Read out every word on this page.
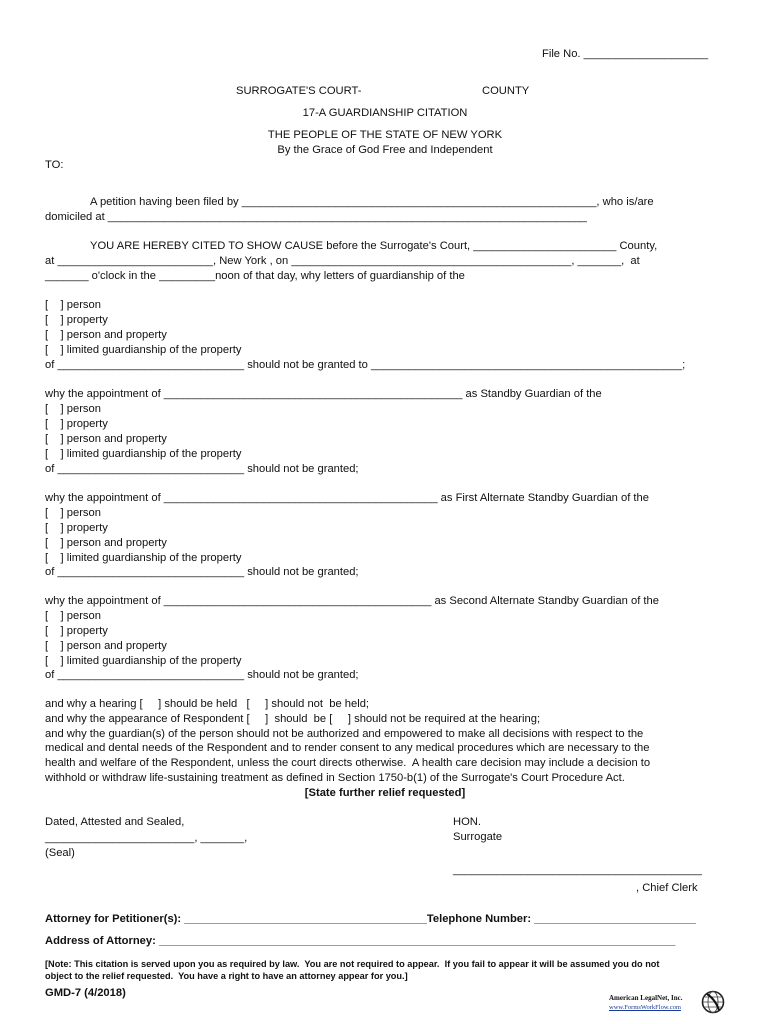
File No. ____________________
SURROGATE'S COURT-	COUNTY
17-A GUARDIANSHIP CITATION
THE PEOPLE OF THE STATE OF NEW YORK
By the Grace of God Free and Independent
TO:
A petition having been filed by _________________________________________________________, who is/are
domiciled at _____________________________________________________________________________
YOU ARE HEREBY CITED TO SHOW CAUSE before the Surrogate's Court, _______________________ County,
at _________________________, New York , on _____________________________________________, _______,  at
_______ o'clock in the _________noon of that day, why letters of guardianship of the
[    ] person
[    ] property
[    ] person and property
[    ] limited guardianship of the property
of ______________________________ should not be granted to __________________________________________________;
why the appointment of ________________________________________________ as Standby Guardian of the
[    ] person
[    ] property
[    ] person and property
[    ] limited guardianship of the property
of ______________________________ should not be granted;
why the appointment of ____________________________________________ as First Alternate Standby Guardian of the
[    ] person
[    ] property
[    ] person and property
[    ] limited guardianship of the property
of ______________________________ should not be granted;
why the appointment of ___________________________________________ as Second Alternate Standby Guardian of the
[    ] person
[    ] property
[    ] person and property
[    ] limited guardianship of the property
of ______________________________ should not be granted;
and why a hearing [     ] should be held   [     ] should not  be held;
and why the appearance of Respondent [     ]  should  be [     ] should not be required at the hearing;
and why the guardian(s) of the person should not be authorized and empowered to make all decisions with respect to the
medical and dental needs of the Respondent and to render consent to any medical procedures which are necessary to the
health and welfare of the Respondent, unless the court directs otherwise.  A health care decision may include a decision to
withhold or withdraw life-sustaining treatment as defined in Section 1750-b(1) of the Surrogate's Court Procedure Act.
[State further relief requested]
Dated, Attested and Sealed,
________________________, _______,
(Seal)
HON.
Surrogate
________________________________________
, Chief Clerk
Attorney for Petitioner(s): _______________________________________Telephone Number: __________________________
Address of Attorney: ___________________________________________________________________________________
[Note: This citation is served upon you as required by law.  You are not required to appear.  If you fail to appear it will be assumed you do not
object to the relief requested.  You have a right to have an attorney appear for you.]
GMD-7 (4/2018)	American LegalNet, Inc.
www.FormsWorkFlow.com
